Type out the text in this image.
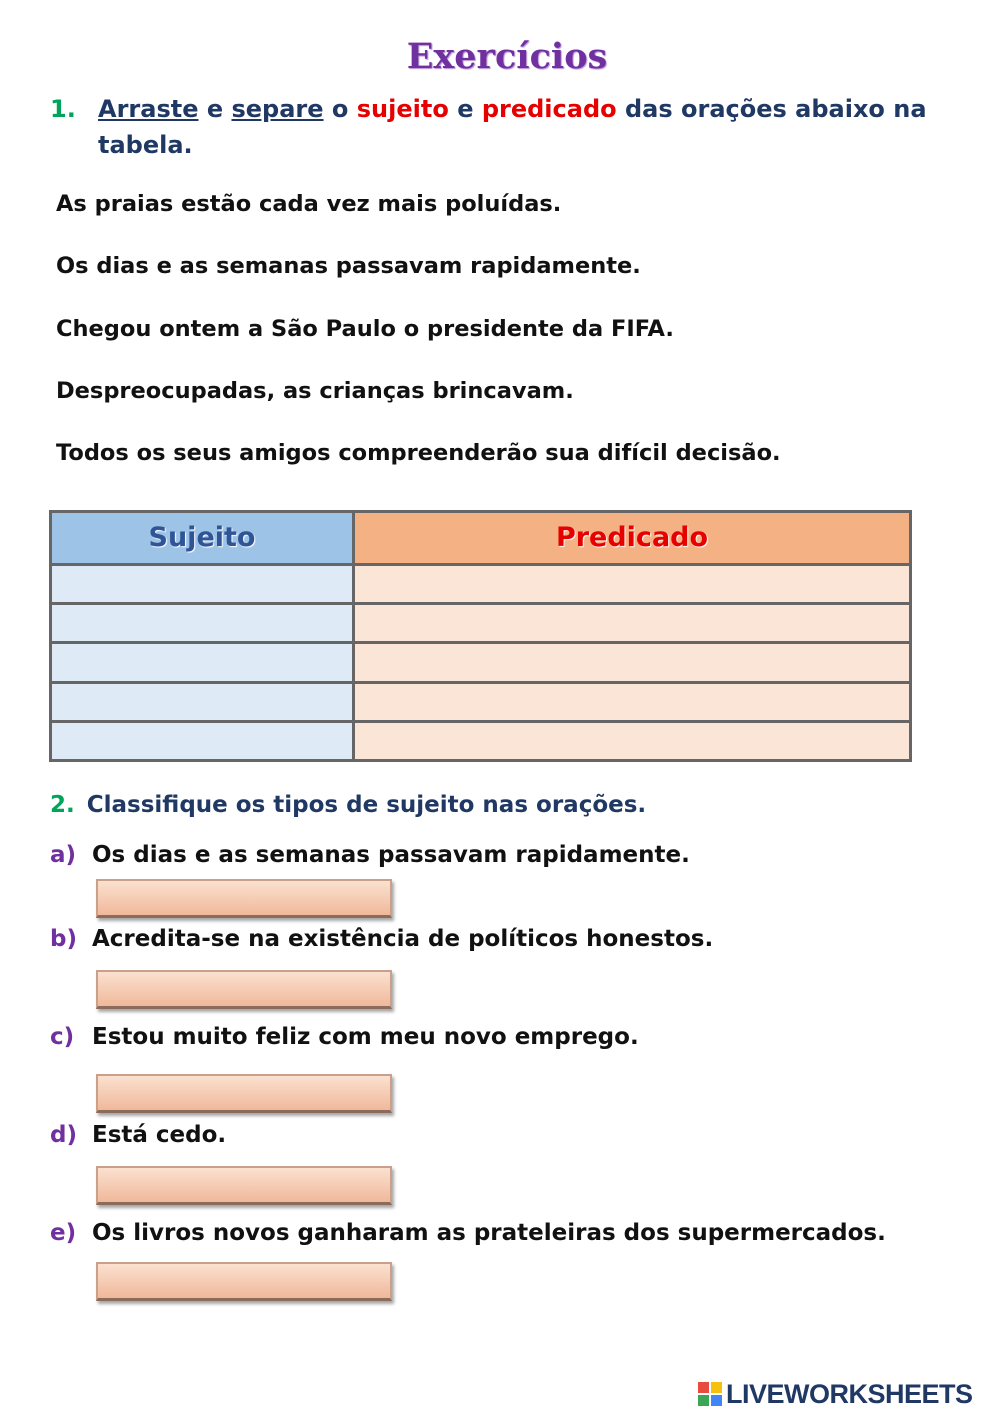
Exercícios
1. Arraste e separe o sujeito e predicado das orações abaixo na tabela.
As praias estão cada vez mais poluídas.
Os dias e as semanas passavam rapidamente.
Chegou ontem a São Paulo o presidente da FIFA.
Despreocupadas, as crianças brincavam.
Todos os seus amigos compreenderão sua difícil decisão.
Sujeito	Predicado

2. Classifique os tipos de sujeito nas orações.
a) Os dias e as semanas passavam rapidamente.
b) Acredita-se na existência de políticos honestos.
c) Estou muito feliz com meu novo emprego.
d) Está cedo.
e) Os livros novos ganharam as prateleiras dos supermercados.
LIVEWORKSHEETS
